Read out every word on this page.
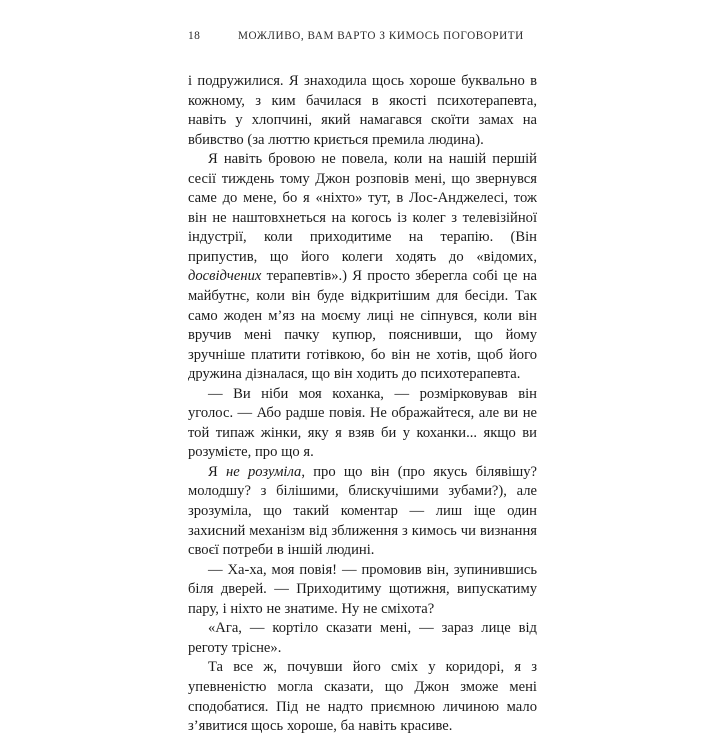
18	МОЖЛИВО, ВАМ ВАРТО З КИМОСЬ ПОГОВОРИТИ

і подружилися. Я знаходила щось хороше буквально в кожному, з ким бачилася в якості психотерапевта, навіть у хлопчині, який намагався скоїти замах на вбивство (за люттю криється премила людина).

Я навіть бровою не повела, коли на нашій першій сесії тиждень тому Джон розповів мені, що звернувся саме до мене, бо я «ніхто» тут, в Лос-Анджелесі, тож він не наштовхнеться на когось із колег з телевізійної індустрії, коли приходитиме на терапію. (Він припустив, що його колеги ходять до «відомих, досвідчених терапевтів».) Я просто зберегла собі це на майбутнє, коли він буде відкритішим для бесіди. Так само жоден м’яз на моєму лиці не сіпнувся, коли він вручив мені пачку купюр, пояснивши, що йому зручніше платити готівкою, бо він не хотів, щоб його дружина дізналася, що він ходить до психотерапевта.

— Ви ніби моя коханка, — розмірковував він уголос. — Або радше повія. Не ображайтеся, але ви не той типаж жінки, яку я взяв би у коханки... якщо ви розумієте, про що я.

Я не розуміла, про що він (про якусь білявішу? молодшу? з білішими, блискучішими зубами?), але зрозуміла, що такий коментар — лиш іще один захисний механізм від зближення з кимось чи визнання своєї потреби в іншій людині.

— Ха-ха, моя повія! — промовив він, зупинившись біля дверей. — Приходитиму щотижня, випускатиму пару, і ніхто не знатиме. Ну не сміхота?

«Ага, — кортіло сказати мені, — зараз лице від реготу трісне».

Та все ж, почувши його сміх у коридорі, я з упевненістю могла сказати, що Джон зможе мені сподобатися. Під не надто приємною личиною мало з’явитися щось хороше, ба навіть красиве.
